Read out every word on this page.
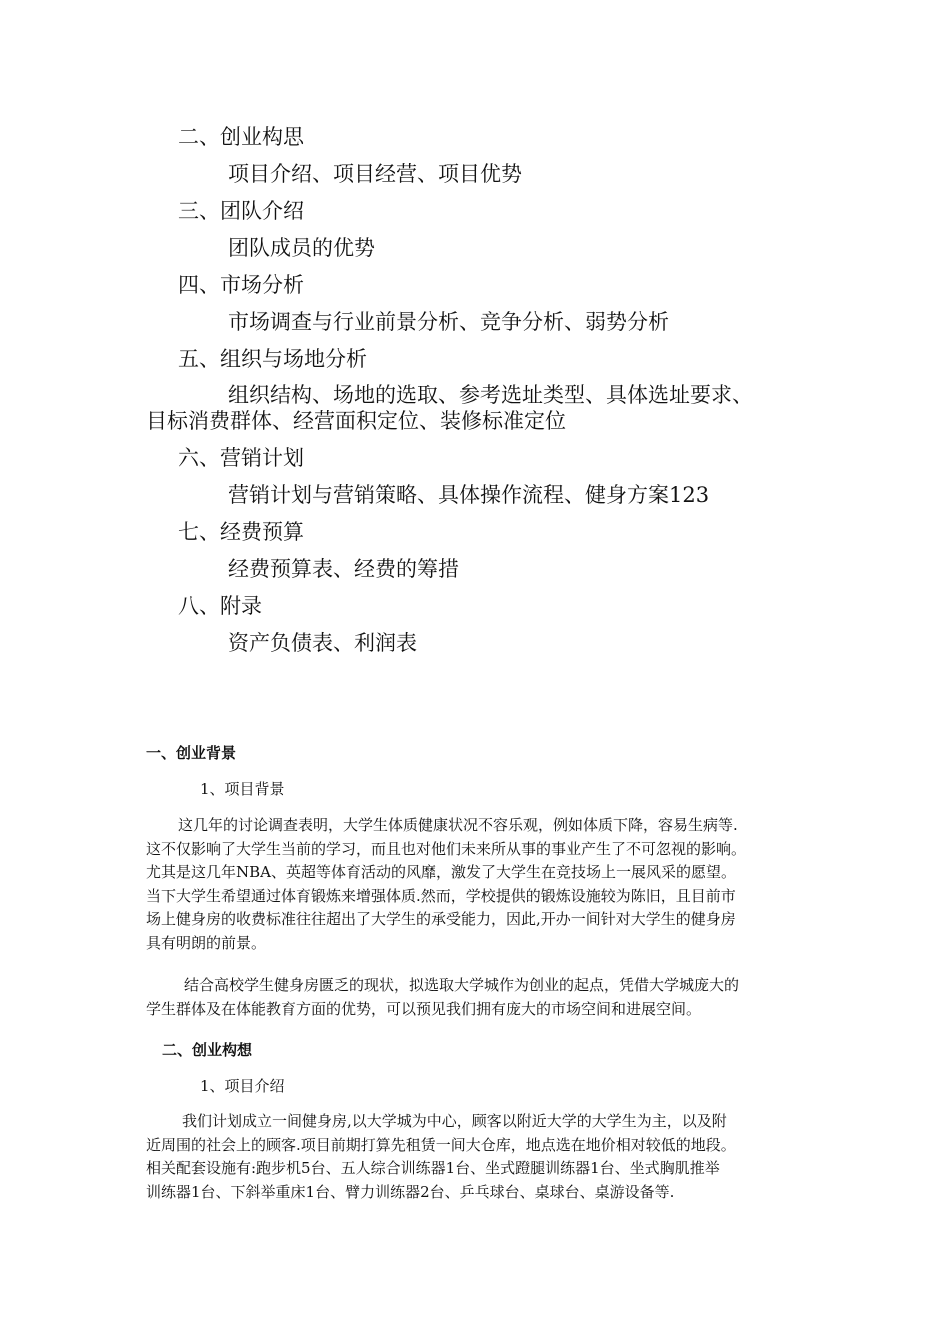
二、创业构思
项目介绍、项目经营、项目优势
三、团队介绍
团队成员的优势
四、市场分析
市场调查与行业前景分析、竞争分析、弱势分析
五、组织与场地分析
组织结构、场地的选取、参考选址类型、具体选址要求、
目标消费群体、经营面积定位、装修标准定位
六、营销计划
营销计划与营销策略、具体操作流程、健身方案123
七、经费预算
经费预算表、经费的筹措
八、附录
资产负债表、利润表
一、创业背景
1、项目背景
这几年的讨论调查表明，大学生体质健康状况不容乐观，例如体质下降，容易生病等.
这不仅影响了大学生当前的学习，而且也对他们未来所从事的事业产生了不可忽视的影响。
尤其是这几年NBA、英超等体育活动的风靡，激发了大学生在竞技场上一展风采的愿望。
当下大学生希望通过体育锻炼来增强体质.然而，学校提供的锻炼设施较为陈旧，且目前市
场上健身房的收费标准往往超出了大学生的承受能力，因此,开办一间针对大学生的健身房
具有明朗的前景。
结合高校学生健身房匮乏的现状，拟选取大学城作为创业的起点，凭借大学城庞大的
学生群体及在体能教育方面的优势，可以预见我们拥有庞大的市场空间和进展空间。
二、创业构想
1、项目介绍
我们计划成立一间健身房,以大学城为中心，顾客以附近大学的大学生为主，以及附
近周围的社会上的顾客.项目前期打算先租赁一间大仓库，地点选在地价相对较低的地段。
相关配套设施有:跑步机5台、五人综合训练器1台、坐式蹬腿训练器1台、坐式胸肌推举
训练器1台、下斜举重床1台、臂力训练器2台、乒乓球台、桌球台、桌游设备等.
